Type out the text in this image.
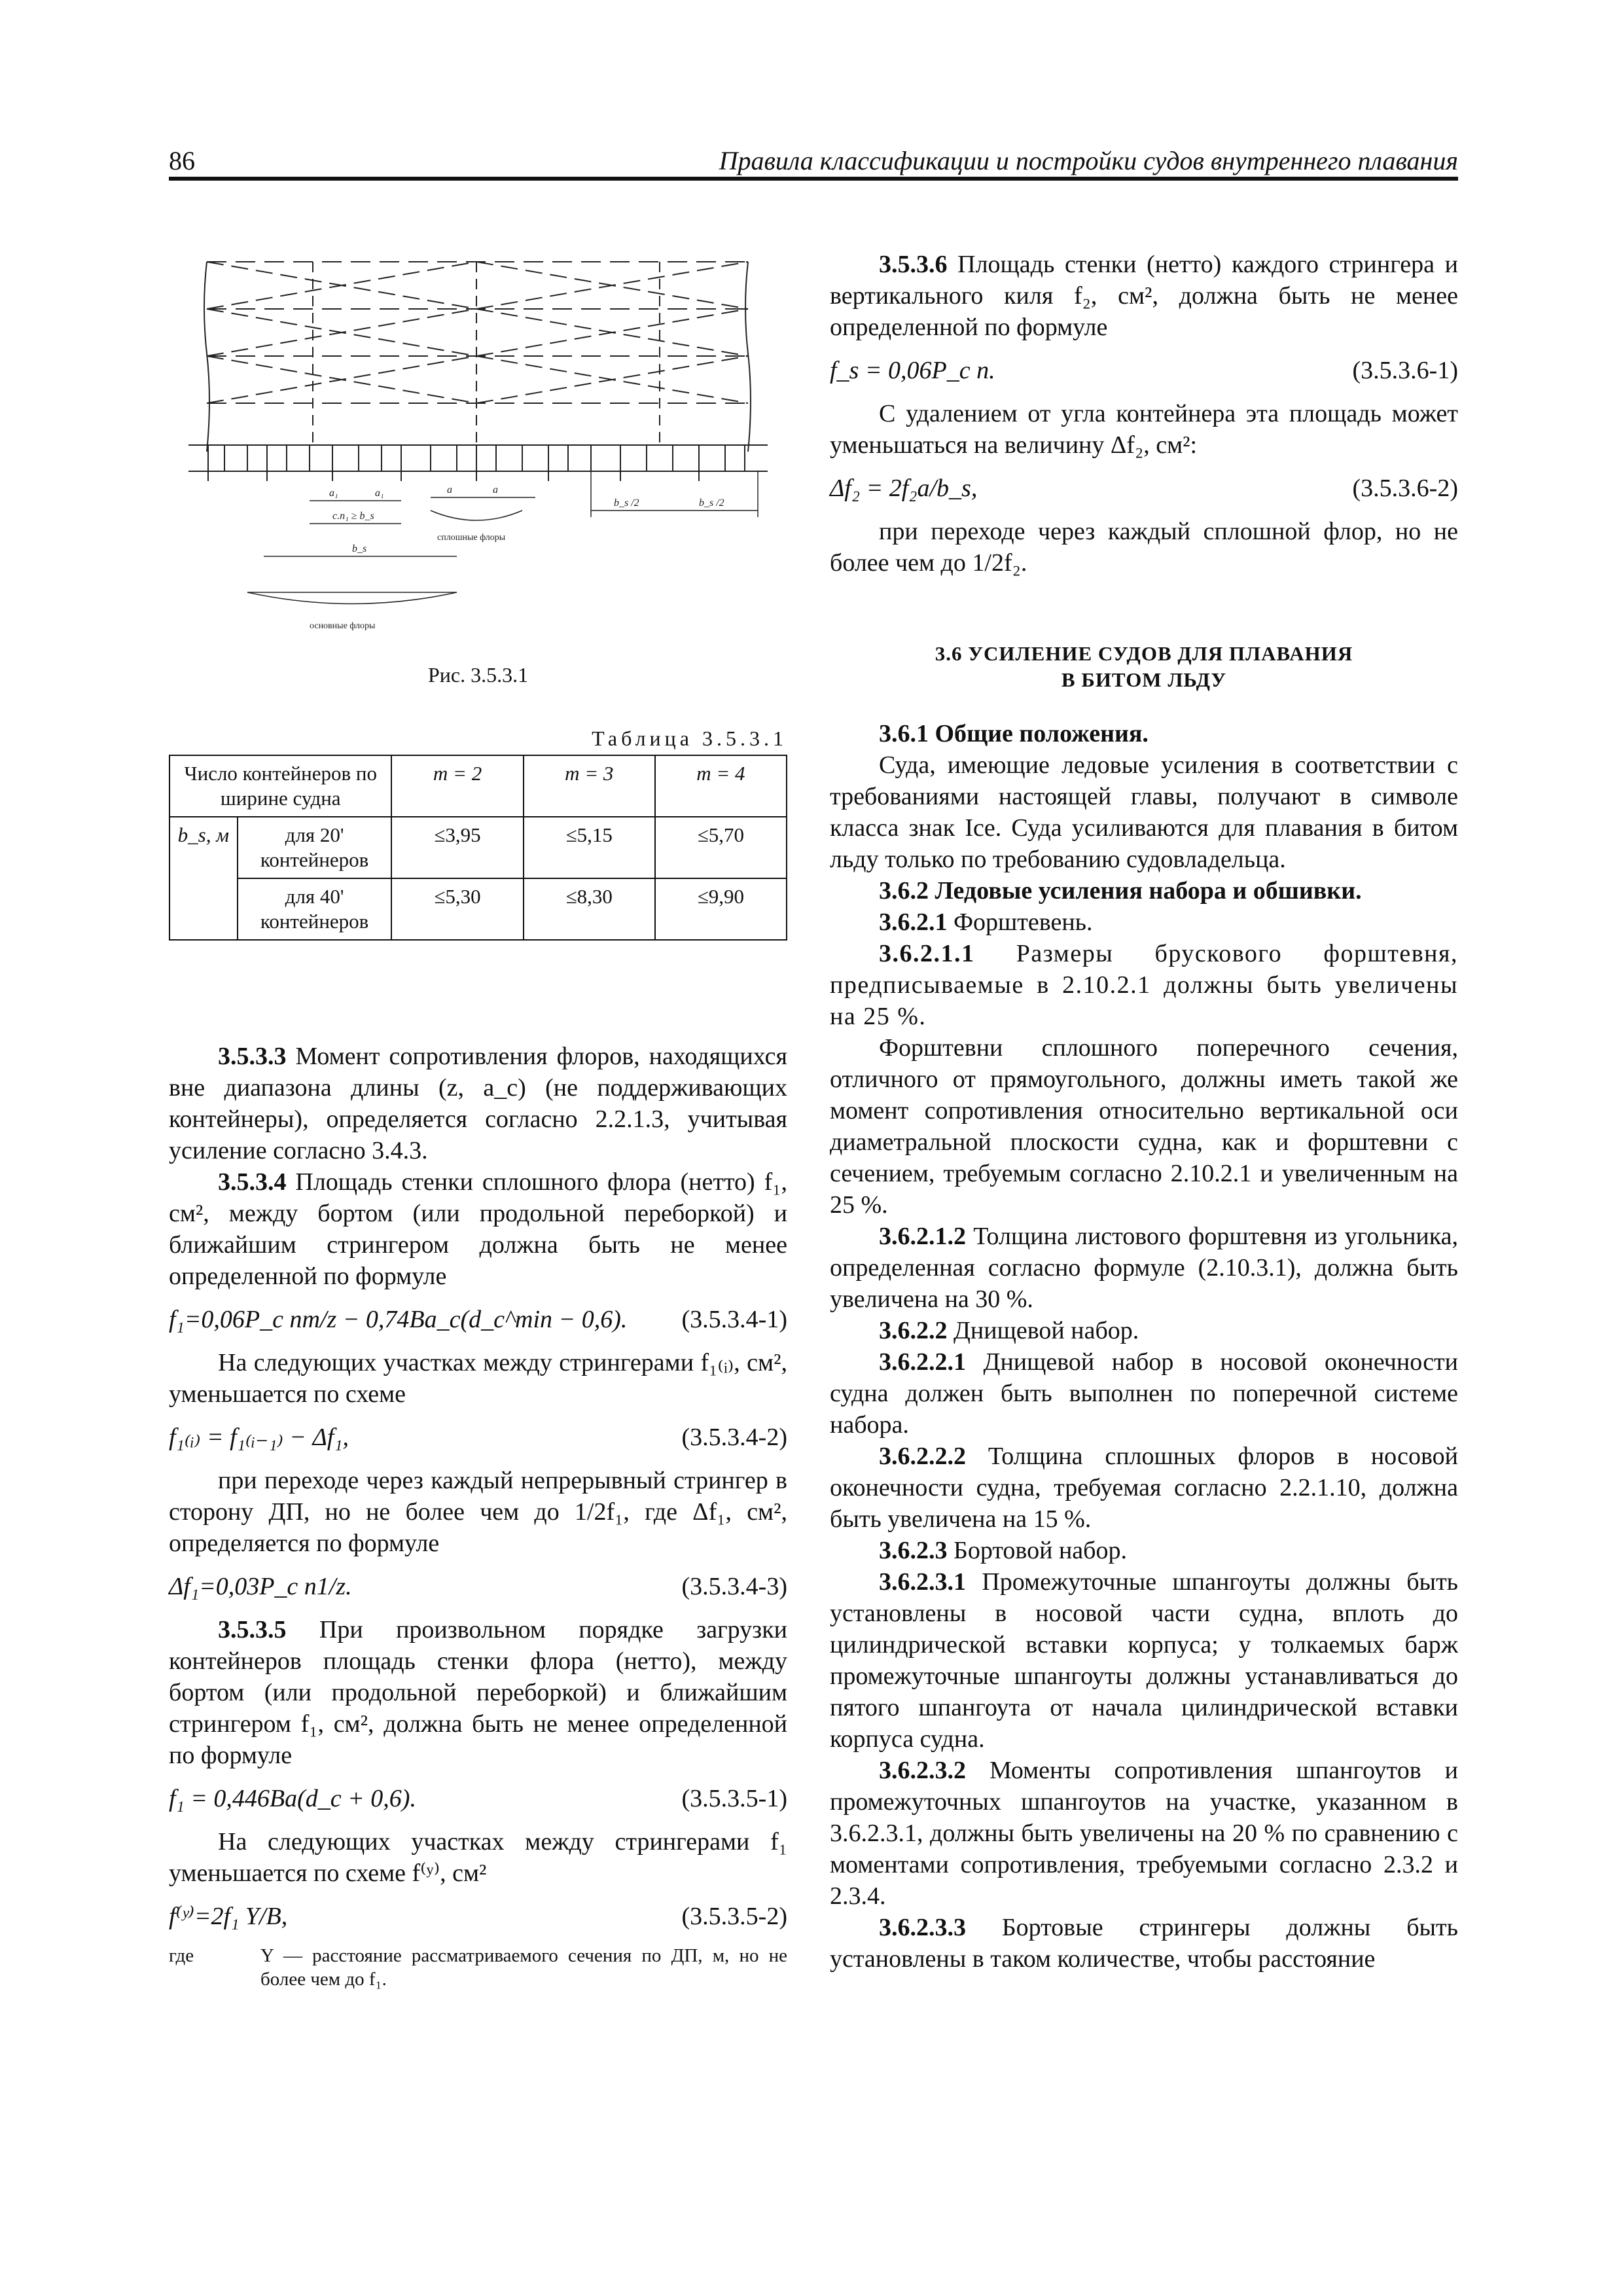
86	Правила классификации и постройки судов внутреннего плавания
a₁	a₁
c.n₁ ≥ b_s
b_s
a	a
сплошные флоры
основные флоры
b_s /2	b_s /2
Рис. 3.5.3.1
Таблица 3.5.3.1
Число контейнеров по ширине судна		m = 2	m = 3	m = 4
b_s, м	для 20' контейнеров	≤3,95	≤5,15	≤5,70
	для 40' контейнеров	≤5,30	≤8,30	≤9,90

3.5.3.3 Момент сопротивления флоров, находящихся вне диапазона длины (z, a_c) (не поддерживающих контейнеры), определяется согласно 2.2.1.3, учитывая усиление согласно 3.4.3.

3.5.3.4 Площадь стенки сплошного флора (нетто) f₁, см², между бортом (или продольной переборкой) и ближайшим стрингером должна быть не менее определенной по формуле

f₁=0,06P_c nm/z − 0,74Ba_c(d_c^min − 0,6). (3.5.3.4-1)

На следующих участках между стрингерами f₁₍ᵢ₎, см², уменьшается по схеме

f₁₍ᵢ₎ = f₁₍ᵢ₋₁₎ − Δf₁,	(3.5.3.4-2)

при переходе через каждый непрерывный стрингер в сторону ДП, но не более чем до 1/2f₁, где Δf₁, см², определяется по формуле

Δf₁=0,03P_c n1/z.	(3.5.3.4-3)

3.5.3.5 При произвольном порядке загрузки контейнеров площадь стенки флора (нетто), между бортом (или продольной переборкой) и ближайшим стрингером f₁, см², должна быть не менее определенной по формуле

f₁ = 0,446Ba(d_c + 0,6).	(3.5.3.5-1)

На следующих участках между стрингерами f₁ уменьшается по схеме f⁽ʸ⁾, см²

f⁽ʸ⁾=2f₁ Y/B,	(3.5.3.5-2)
где	Y — расстояние рассматриваемого сечения по ДП, м, но не более чем до f₁.

3.5.3.6 Площадь стенки (нетто) каждого стрингера и вертикального киля f₂, см², должна быть не менее определенной по формуле

f_s = 0,06P_c n.	(3.5.3.6-1)

С удалением от угла контейнера эта площадь может уменьшаться на величину Δf₂, см²:

Δf₂ = 2f₂a/b_s,	(3.5.3.6-2)

при переходе через каждый сплошной флор, но не более чем до 1/2f₂.

3.6 УСИЛЕНИЕ СУДОВ ДЛЯ ПЛАВАНИЯ
В БИТОМ ЛЬДУ

3.6.1 Общие положения.

Суда, имеющие ледовые усиления в соответствии с требованиями настоящей главы, получают в символе класса знак Ice. Суда усиливаются для плавания в битом льду только по требованию судовладельца.

3.6.2 Ледовые усиления набора и обшивки.

3.6.2.1 Форштевень.

3.6.2.1.1 Размеры брускового форштевня, предписываемые в 2.10.2.1 должны быть увеличены на 25 %.

Форштевни сплошного поперечного сечения, отличного от прямоугольного, должны иметь такой же момент сопротивления относительно вертикальной оси диаметральной плоскости судна, как и форштевни с сечением, требуемым согласно 2.10.2.1 и увеличенным на 25 %.

3.6.2.1.2 Толщина листового форштевня из угольника, определенная согласно формуле (2.10.3.1), должна быть увеличена на 30 %.

3.6.2.2 Днищевой набор.

3.6.2.2.1 Днищевой набор в носовой оконечности судна должен быть выполнен по поперечной системе набора.

3.6.2.2.2 Толщина сплошных флоров в носовой оконечности судна, требуемая согласно 2.2.1.10, должна быть увеличена на 15 %.

3.6.2.3 Бортовой набор.

3.6.2.3.1 Промежуточные шпангоуты должны быть установлены в носовой части судна, вплоть до цилиндрической вставки корпуса; у толкаемых барж промежуточные шпангоуты должны устанавливаться до пятого шпангоута от начала цилиндрической вставки корпуса судна.

3.6.2.3.2 Моменты сопротивления шпангоутов и промежуточных шпангоутов на участке, указанном в 3.6.2.3.1, должны быть увеличены на 20 % по сравнению с моментами сопротивления, требуемыми согласно 2.3.2 и 2.3.4.

3.6.2.3.3 Бортовые стрингеры должны быть установлены в таком количестве, чтобы расстояние
